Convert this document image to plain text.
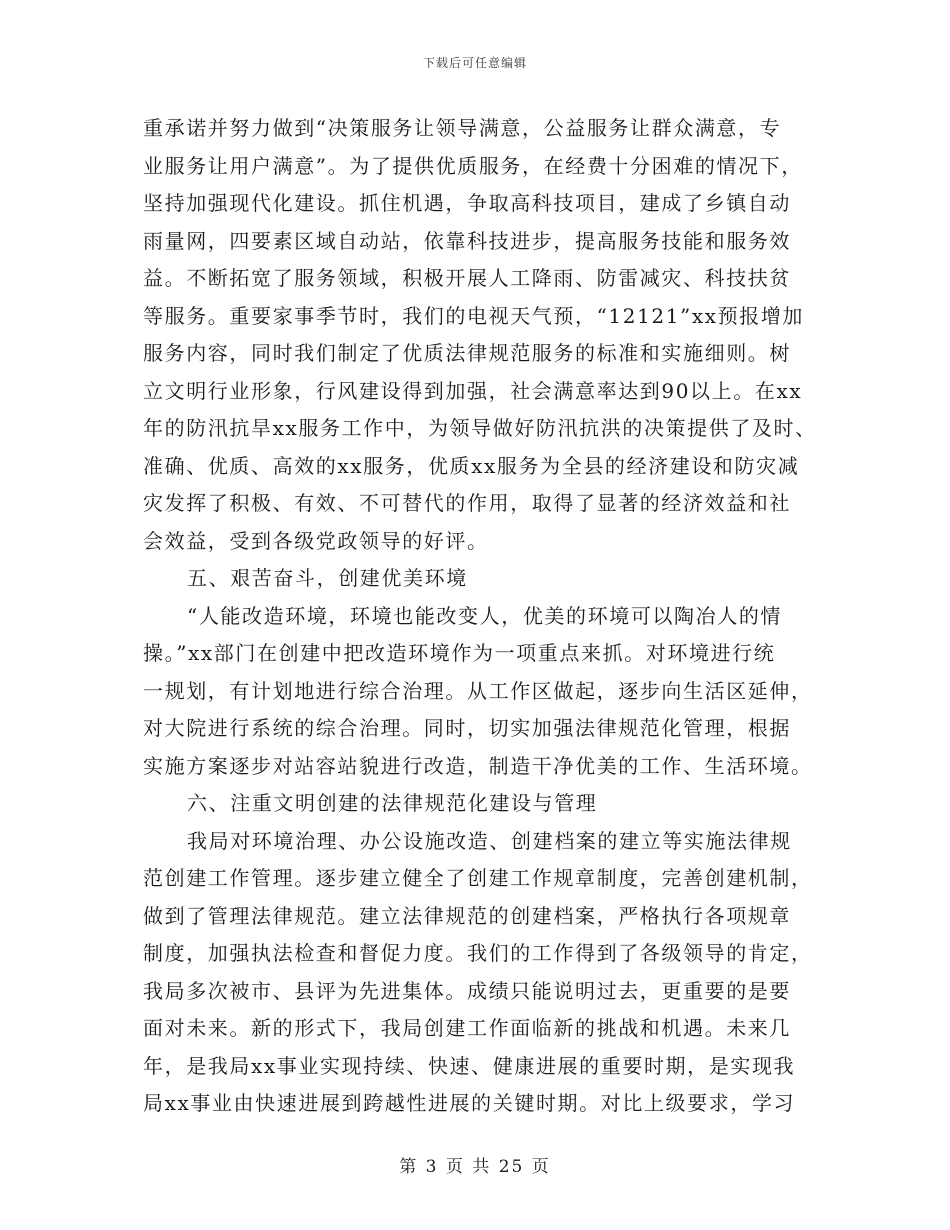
下载后可任意编辑
重承诺并努力做到“决策服务让领导满意，公益服务让群众满意，专
业服务让用户满意”。为了提供优质服务，在经费十分困难的情况下，
坚持加强现代化建设。抓住机遇，争取高科技项目，建成了乡镇自动
雨量网，四要素区域自动站，依靠科技进步，提高服务技能和服务效
益。不断拓宽了服务领域，积极开展人工降雨、防雷减灾、科技扶贫
等服务。重要家事季节时，我们的电视天气预，“12121”xx预报增加
服务内容，同时我们制定了优质法律规范服务的标准和实施细则。树
立文明行业形象，行风建设得到加强，社会满意率达到90以上。在xx
年的防汛抗旱xx服务工作中，为领导做好防汛抗洪的决策提供了及时、
准确、优质、高效的xx服务，优质xx服务为全县的经济建设和防灾减
灾发挥了积极、有效、不可替代的作用，取得了显著的经济效益和社
会效益，受到各级党政领导的好评。
五、艰苦奋斗，创建优美环境
“人能改造环境，环境也能改变人，优美的环境可以陶冶人的情
操。”xx部门在创建中把改造环境作为一项重点来抓。对环境进行统
一规划，有计划地进行综合治理。从工作区做起，逐步向生活区延伸，
对大院进行系统的综合治理。同时，切实加强法律规范化管理，根据
实施方案逐步对站容站貌进行改造，制造干净优美的工作、生活环境。
六、注重文明创建的法律规范化建设与管理
我局对环境治理、办公设施改造、创建档案的建立等实施法律规
范创建工作管理。逐步建立健全了创建工作规章制度，完善创建机制，
做到了管理法律规范。建立法律规范的创建档案，严格执行各项规章
制度，加强执法检查和督促力度。我们的工作得到了各级领导的肯定，
我局多次被市、县评为先进集体。成绩只能说明过去，更重要的是要
面对未来。新的形式下，我局创建工作面临新的挑战和机遇。未来几
年，是我局xx事业实现持续、快速、健康进展的重要时期，是实现我
局xx事业由快速进展到跨越性进展的关键时期。对比上级要求，学习
第 3 页 共 25 页
